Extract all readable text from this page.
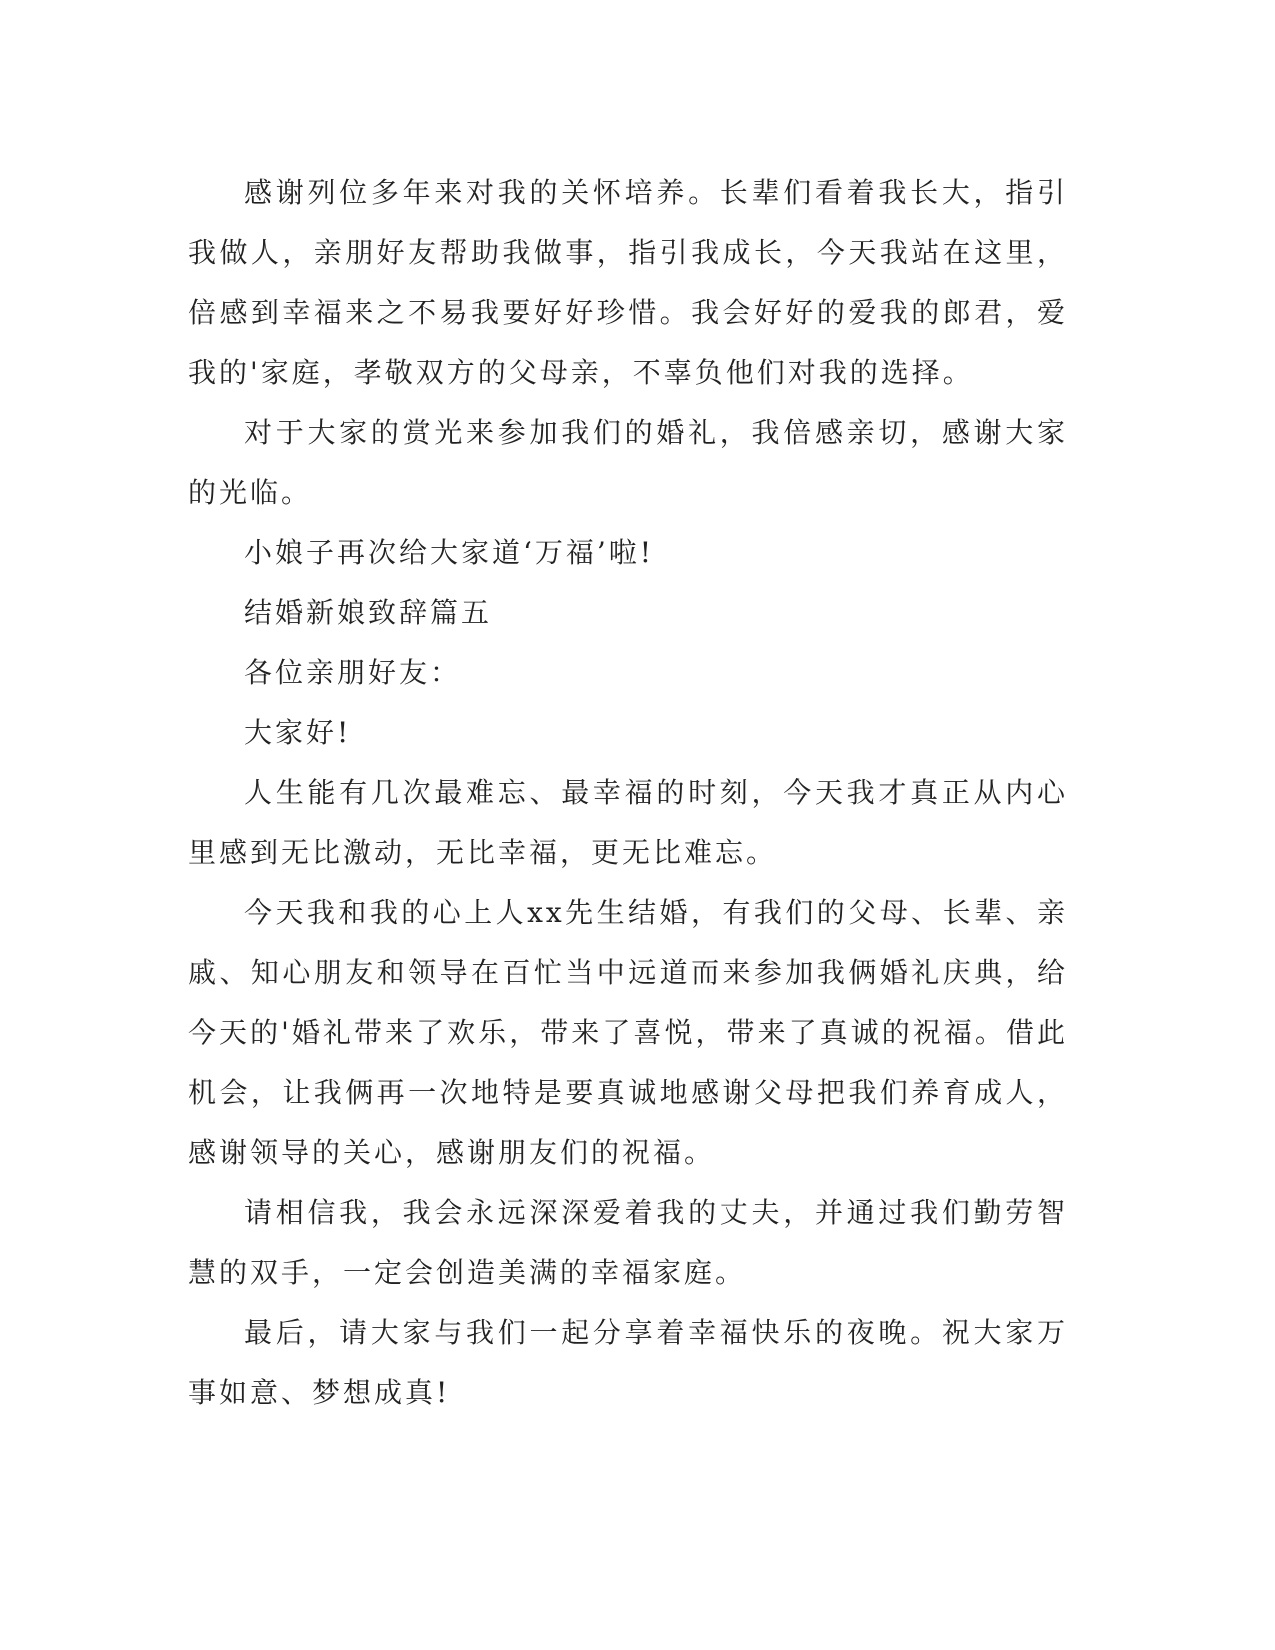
感谢列位多年来对我的关怀培养。长辈们看着我长大，指引我做人，亲朋好友帮助我做事，指引我成长，今天我站在这里，倍感到幸福来之不易我要好好珍惜。我会好好的爱我的郎君，爱我的'家庭，孝敬双方的父母亲，不辜负他们对我的选择。

对于大家的赏光来参加我们的婚礼，我倍感亲切，感谢大家的光临。

小娘子再次给大家道‘万福’啦!

结婚新娘致辞篇五

各位亲朋好友：

大家好!

人生能有几次最难忘、最幸福的时刻，今天我才真正从内心里感到无比激动，无比幸福，更无比难忘。

今天我和我的心上人xx先生结婚，有我们的父母、长辈、亲戚、知心朋友和领导在百忙当中远道而来参加我俩婚礼庆典，给今天的'婚礼带来了欢乐，带来了喜悦，带来了真诚的祝福。借此机会，让我俩再一次地特是要真诚地感谢父母把我们养育成人，感谢领导的关心，感谢朋友们的祝福。

请相信我，我会永远深深爱着我的丈夫，并通过我们勤劳智慧的双手，一定会创造美满的幸福家庭。

最后，请大家与我们一起分享着幸福快乐的夜晚。祝大家万事如意、梦想成真!
